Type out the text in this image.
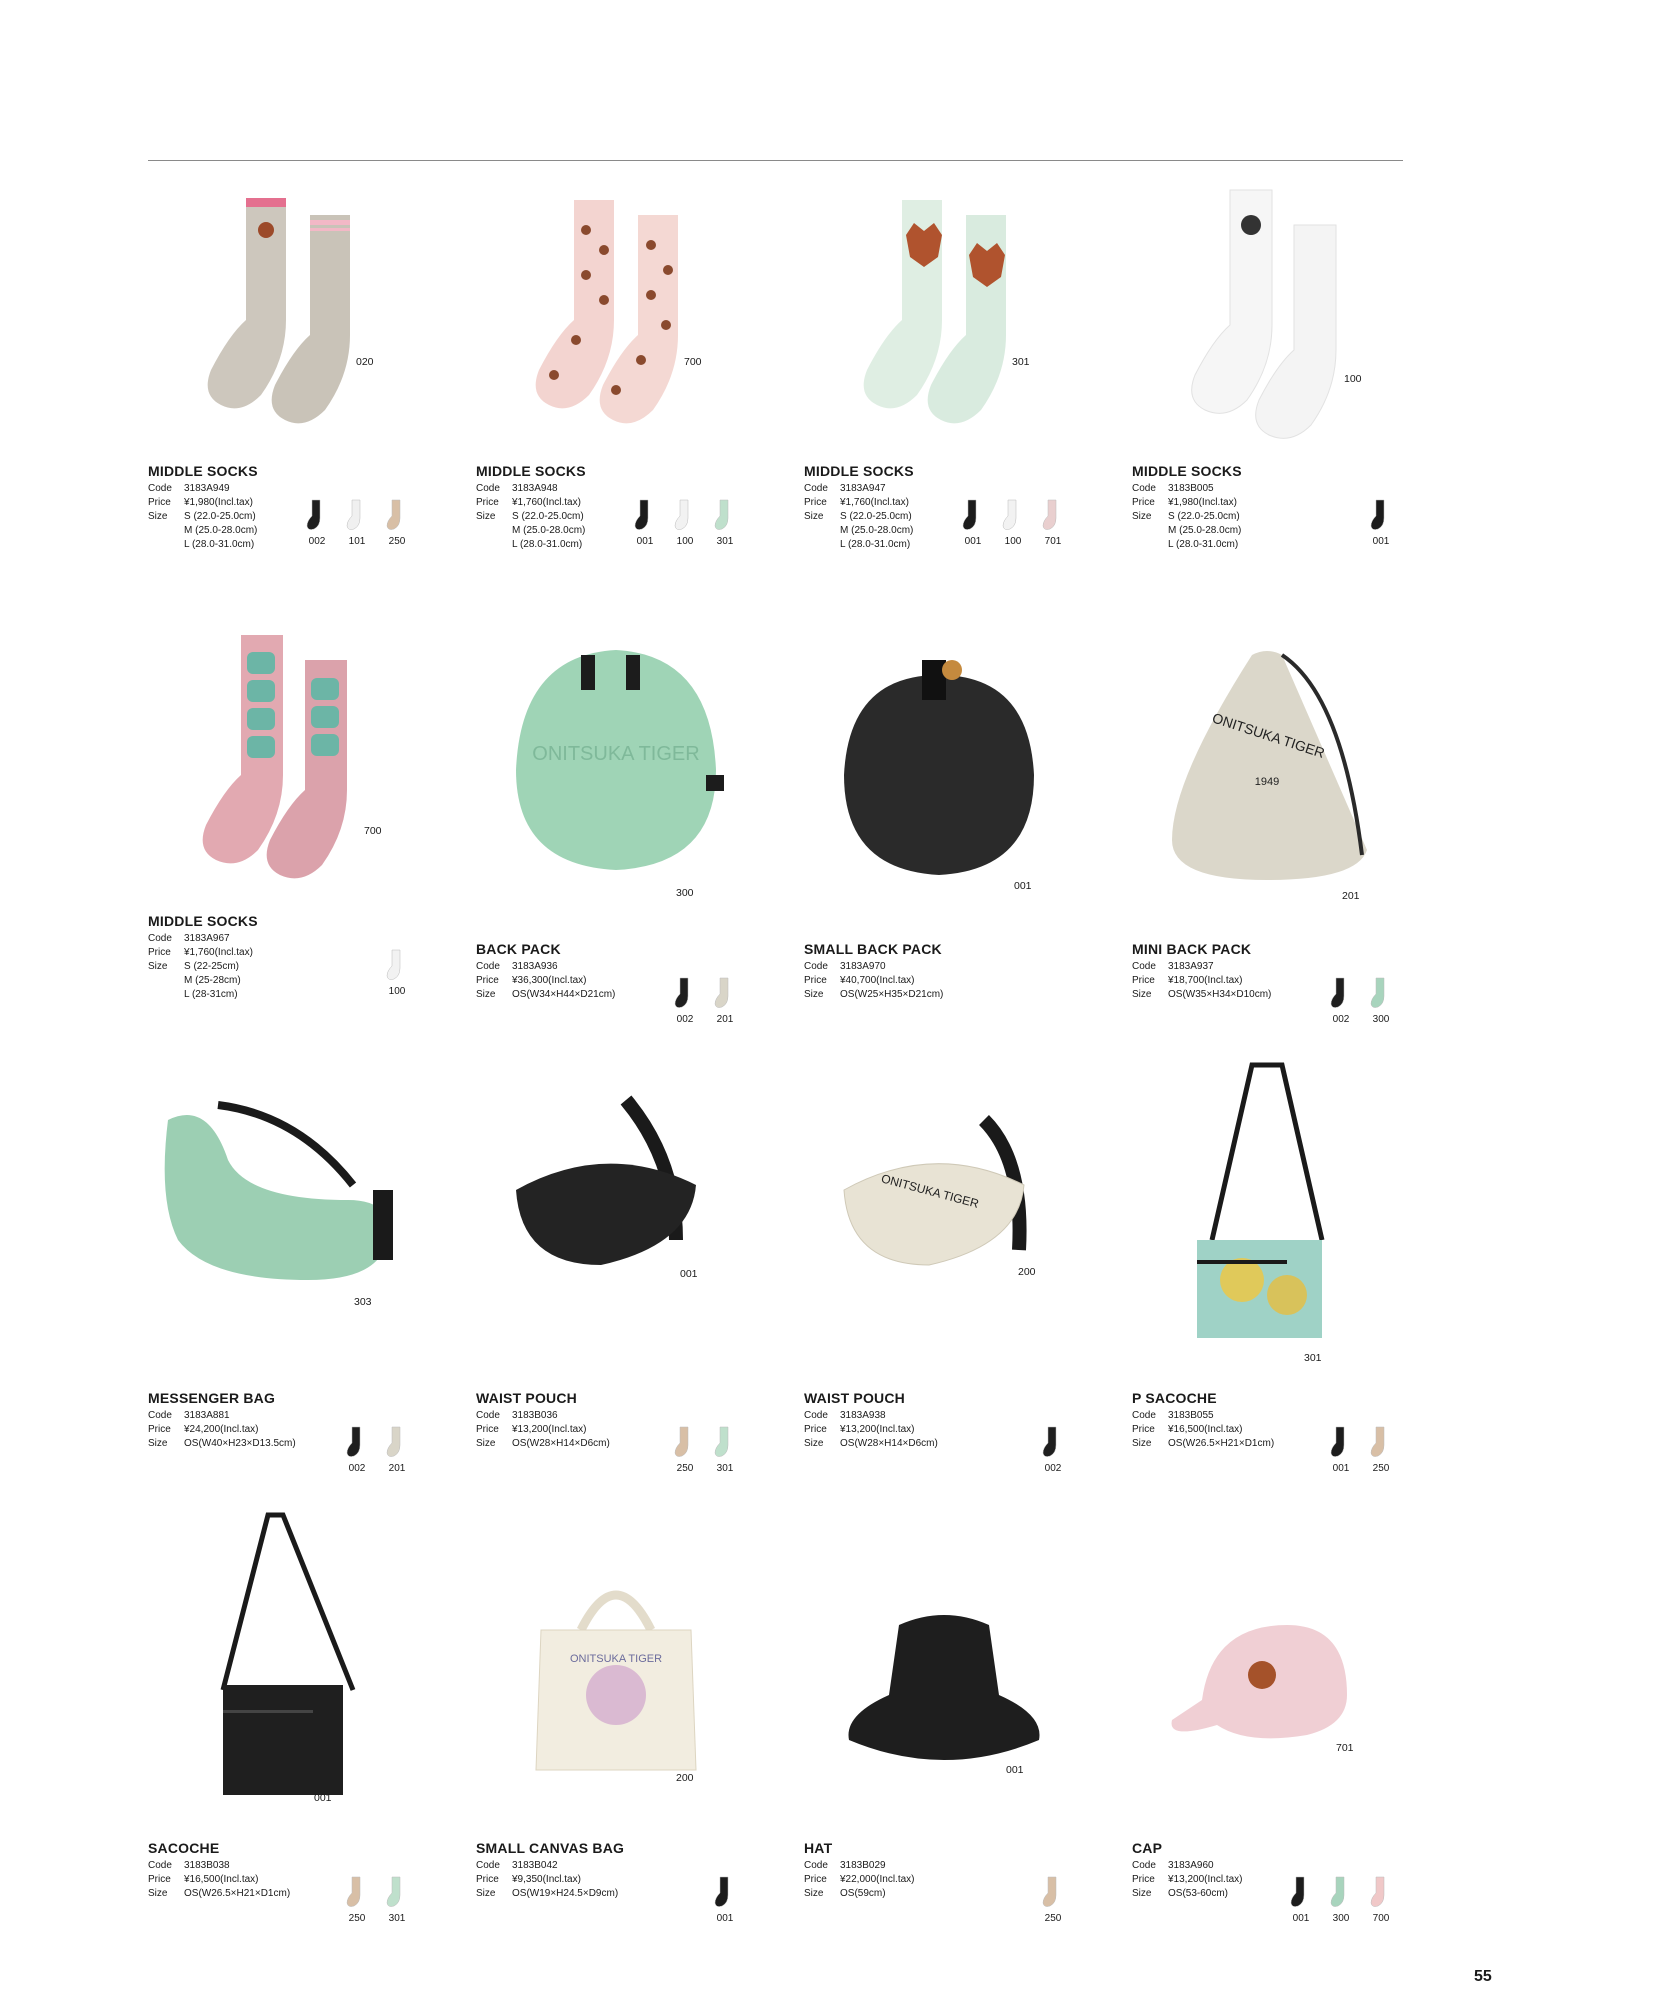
020	700	301
100
700
ONITSUKA TIGER
300
001
ONITSUKA TIGER
1949
201
303
001
ONITSUKA TIGER
200
301
001
ONITSUKA TIGER
200
001
701
MIDDLE SOCKS
Code 3183A949
Price ¥1,980(Incl.tax)
Size S (22.0-25.0cm)
M (25.0-28.0cm)
L (28.0-31.0cm)	002 101 250
MIDDLE SOCKS
Code 3183A948
Price ¥1,760(Incl.tax)
Size S (22.0-25.0cm)
M (25.0-28.0cm)
L (28.0-31.0cm)	001 100 301
MIDDLE SOCKS
Code 3183A947
Price ¥1,760(Incl.tax)
Size S (22.0-25.0cm)
M (25.0-28.0cm)
L (28.0-31.0cm)	001 100 701
MIDDLE SOCKS
Code 3183B005
Price ¥1,980(Incl.tax)
Size S (22.0-25.0cm)
M (25.0-28.0cm)
L (28.0-31.0cm)	001
MIDDLE SOCKS
Code 3183A967
Price ¥1,760(Incl.tax)
Size S (22-25cm)
M (25-28cm)
L (28-31cm)	100
BACK PACK
Code 3183A936
Price ¥36,300(Incl.tax)
Size OS(W34×H44×D21cm)
002 201
SMALL BACK PACK
Code 3183A970
Price ¥40,700(Incl.tax)
Size OS(W25×H35×D21cm)
MINI BACK PACK
Code 3183A937
Price ¥18,700(Incl.tax)
Size OS(W35×H34×D10cm)
002 300
MESSENGER BAG
Code 3183A881
Price ¥24,200(Incl.tax)
Size OS(W40×H23×D13.5cm)
002 201
WAIST POUCH
Code 3183B036
Price ¥13,200(Incl.tax)
Size OS(W28×H14×D6cm)
250 301
WAIST POUCH
Code 3183A938
Price ¥13,200(Incl.tax)
Size OS(W28×H14×D6cm)
002
P SACOCHE
Code 3183B055
Price ¥16,500(Incl.tax)
Size OS(W26.5×H21×D1cm)
001 250
SACOCHE
Code 3183B038
Price ¥16,500(Incl.tax)
Size OS(W26.5×H21×D1cm)
250 301
SMALL CANVAS BAG
Code 3183B042
Price ¥9,350(Incl.tax)
Size OS(W19×H24.5×D9cm)
001
HAT
Code 3183B029
Price ¥22,000(Incl.tax)
Size OS(59cm)
250
CAP
Code 3183A960
Price ¥13,200(Incl.tax)
Size OS(53-60cm)
001 300 700
55
